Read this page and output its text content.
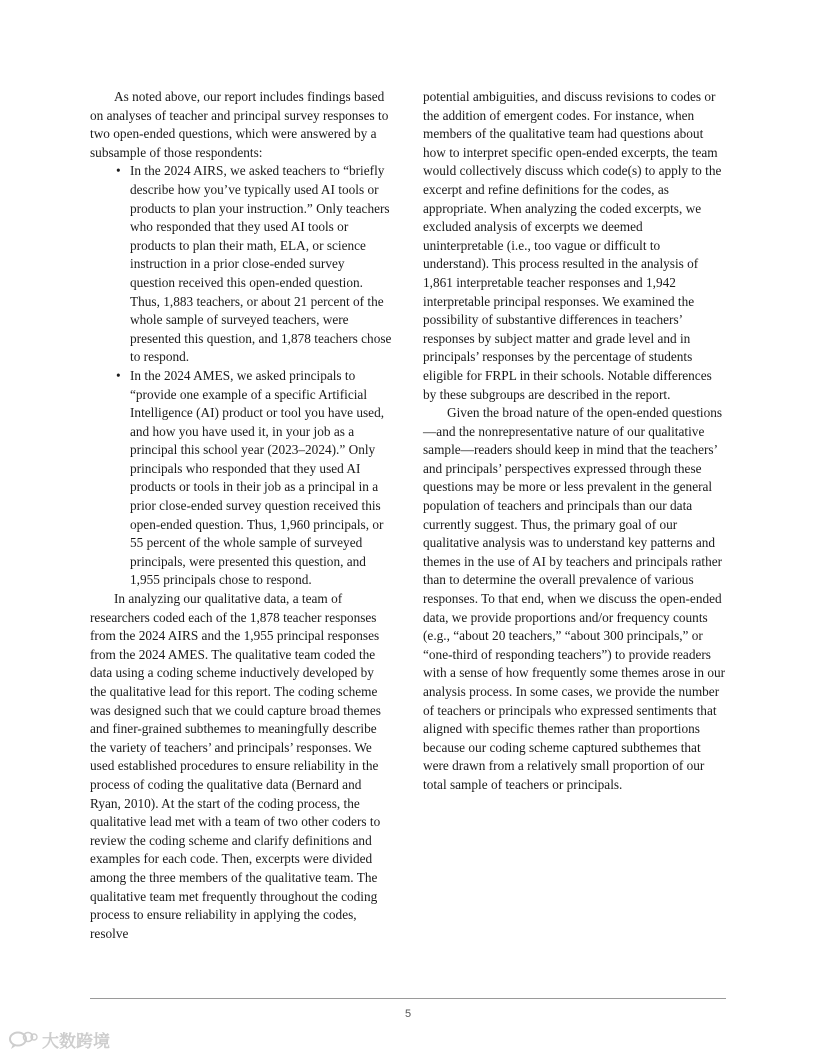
As noted above, our report includes findings based on analyses of teacher and principal survey responses to two open-ended questions, which were answered by a subsample of those respondents:

• In the 2024 AIRS, we asked teachers to “briefly describe how you’ve typically used AI tools or products to plan your instruction.” Only teachers who responded that they used AI tools or products to plan their math, ELA, or science instruction in a prior close-ended survey question received this open-ended question. Thus, 1,883 teachers, or about 21 percent of the whole sample of surveyed teachers, were presented this question, and 1,878 teachers chose to respond.
• In the 2024 AMES, we asked principals to “provide one example of a specific Artificial Intelligence (AI) product or tool you have used, and how you have used it, in your job as a principal this school year (2023–2024).” Only principals who responded that they used AI products or tools in their job as a principal in a prior close-ended survey question received this open-ended question. Thus, 1,960 principals, or 55 percent of the whole sample of surveyed principals, were presented this question, and 1,955 principals chose to respond.

In analyzing our qualitative data, a team of researchers coded each of the 1,878 teacher responses from the 2024 AIRS and the 1,955 principal responses from the 2024 AMES. The qualitative team coded the data using a coding scheme inductively developed by the qualitative lead for this report. The coding scheme was designed such that we could capture broad themes and finer-grained subthemes to meaningfully describe the variety of teachers’ and principals’ responses. We used established procedures to ensure reliability in the process of coding the qualitative data (Bernard and Ryan, 2010). At the start of the coding process, the qualitative lead met with a team of two other coders to review the coding scheme and clarify definitions and examples for each code. Then, excerpts were divided among the three members of the qualitative team. The qualitative team met frequently throughout the coding process to ensure reliability in applying the codes, resolve

potential ambiguities, and discuss revisions to codes or the addition of emergent codes. For instance, when members of the qualitative team had questions about how to interpret specific open-ended excerpts, the team would collectively discuss which code(s) to apply to the excerpt and refine definitions for the codes, as appropriate. When analyzing the coded excerpts, we excluded analysis of excerpts we deemed uninterpretable (i.e., too vague or difficult to understand). This process resulted in the analysis of 1,861 interpretable teacher responses and 1,942 interpretable principal responses. We examined the possibility of substantive differences in teachers’ responses by subject matter and grade level and in principals’ responses by the percentage of students eligible for FRPL in their schools. Notable differences by these subgroups are described in the report.

Given the broad nature of the open-ended questions—and the nonrepresentative nature of our qualitative sample—readers should keep in mind that the teachers’ and principals’ perspectives expressed through these questions may be more or less prevalent in the general population of teachers and principals than our data currently suggest. Thus, the primary goal of our qualitative analysis was to understand key patterns and themes in the use of AI by teachers and principals rather than to determine the overall prevalence of various responses. To that end, when we discuss the open-ended data, we provide proportions and/or frequency counts (e.g., “about 20 teachers,” “about 300 principals,” or “one-third of responding teachers”) to provide readers with a sense of how frequently some themes arose in our analysis process. In some cases, we provide the number of teachers or principals who expressed sentiments that aligned with specific themes rather than proportions because our coding scheme captured subthemes that were drawn from a relatively small proportion of our total sample of teachers or principals.

5
大数跨境
